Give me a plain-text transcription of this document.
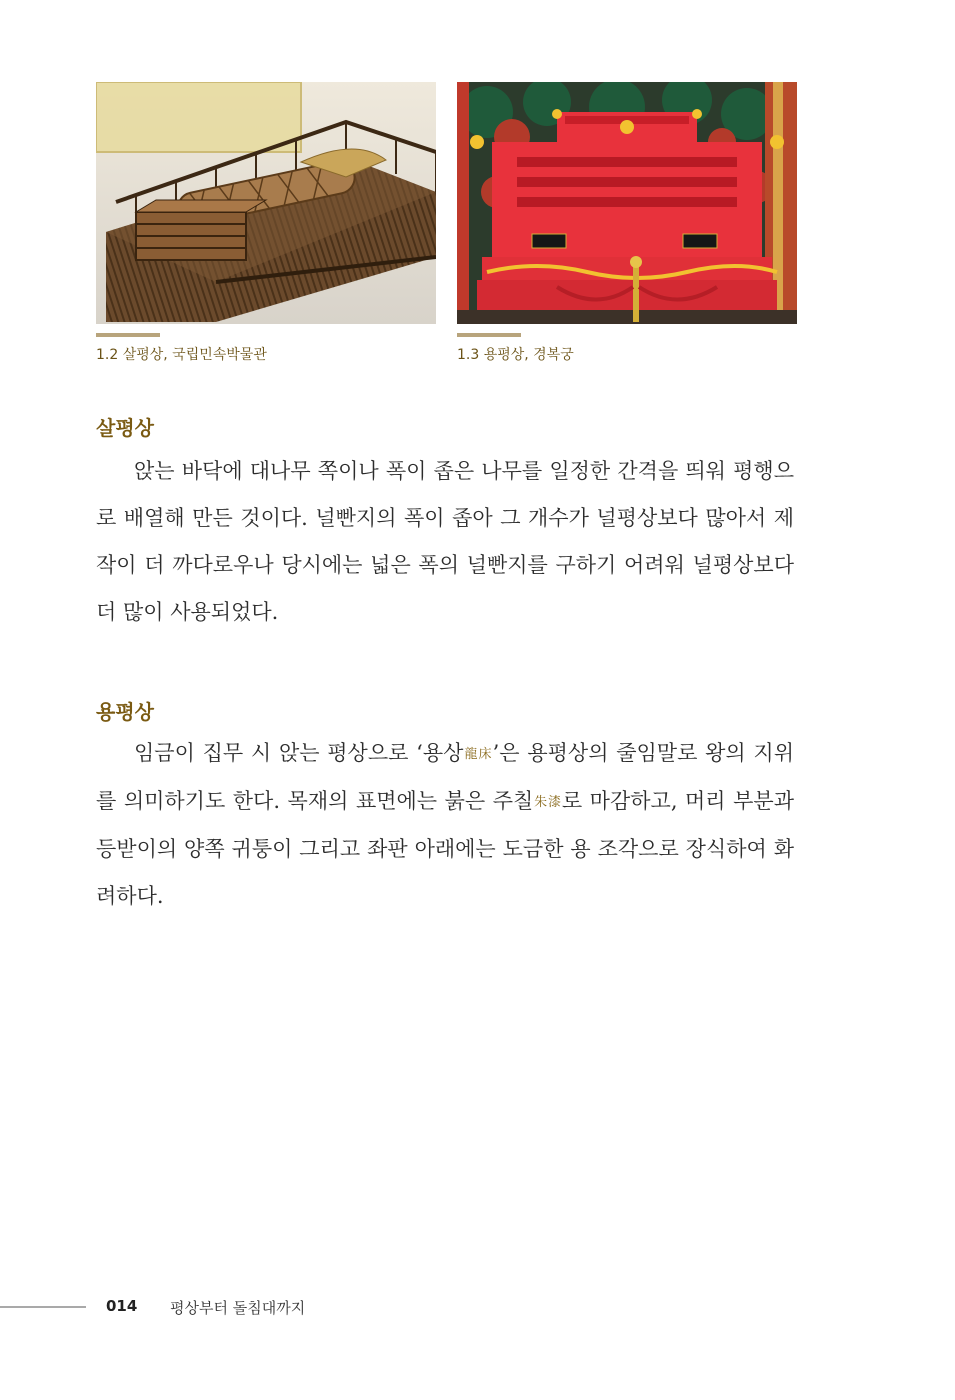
1.2 살평상, 국립민속박물관	1.3 용평상, 경복궁
살평상

앉는 바닥에 대나무 쪽이나 폭이 좁은 나무를 일정한 간격을 띄워 평행으로 배열해 만든 것이다. 널빤지의 폭이 좁아 그 개수가 널평상보다 많아서 제작이 더 까다로우나 당시에는 넓은 폭의 널빤지를 구하기 어려워 널평상보다 더 많이 사용되었다.

용평상

임금이 집무 시 앉는 평상으로 ‘용상龍床’은 용평상의 줄임말로 왕의 지위를 의미하기도 한다. 목재의 표면에는 붉은 주칠朱漆로 마감하고, 머리 부분과 등받이의 양쪽 귀퉁이 그리고 좌판 아래에는 도금한 용 조각으로 장식하여 화려하다.

014 평상부터 돌침대까지
